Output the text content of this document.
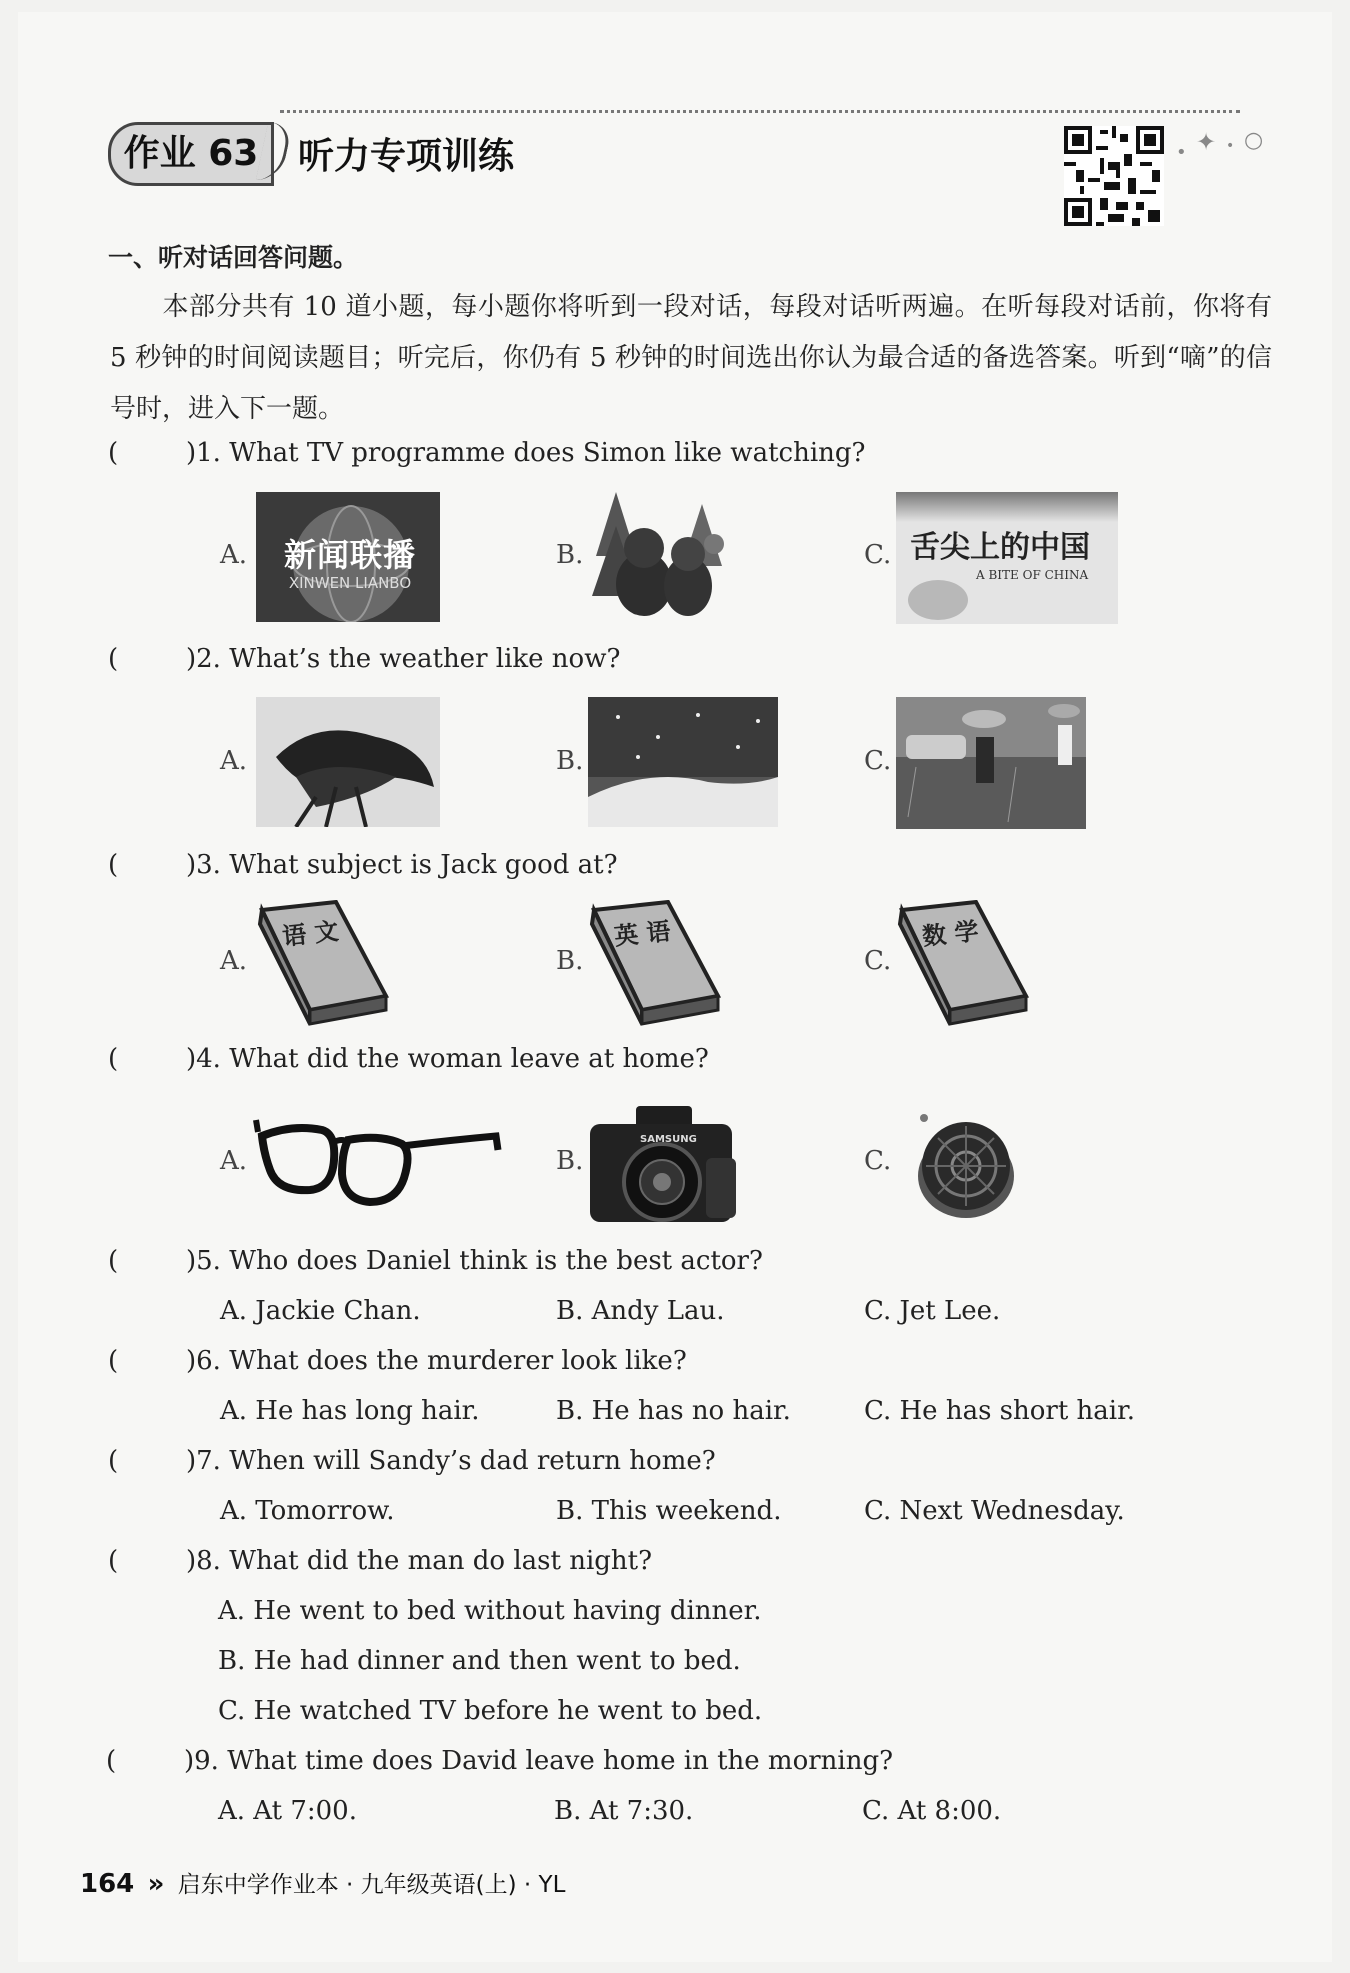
作业 63	听力专项训练	• ✦ • ○
一、听对话回答问题。
本部分共有 10 道小题，每小题你将听到一段对话，每段对话听两遍。在听每段对话前，你将有 5 秒钟的时间阅读题目；听完后，你仍有 5 秒钟的时间选出你认为最合适的备选答案。听到“嘀”的信号时，进入下一题。
(	)1. What TV programme does Simon like watching?
A.	新闻联播
XINWEN LIANBO
B.	C. 舌尖上的中国
A BITE OF CHINA
(	)2. What’s the weather like now?
A.	B.	C.
(	)3. What subject is Jack good at?
A.
语 文
B.
英 语
C.
数 学
(	)4. What did the woman leave at home?
A.	B.
SAMSUNG
C.
(	)5. Who does Daniel think is the best actor?
A. Jackie Chan.	B. Andy Lau.	C. Jet Lee.
(	)6. What does the murderer look like?
A. He has long hair.	B. He has no hair.	C. He has short hair.
(	)7. When will Sandy’s dad return home?
A. Tomorrow.	B. This weekend.	C. Next Wednesday.
(	)8. What did the man do last night?
A. He went to bed without having dinner.
B. He had dinner and then went to bed.
C. He watched TV before he went to bed.
(	)9. What time does David leave home in the morning?
A. At 7:00.	B. At 7:30.	C. At 8:00.
164 » 启东中学作业本 · 九年级英语(上) · YL
